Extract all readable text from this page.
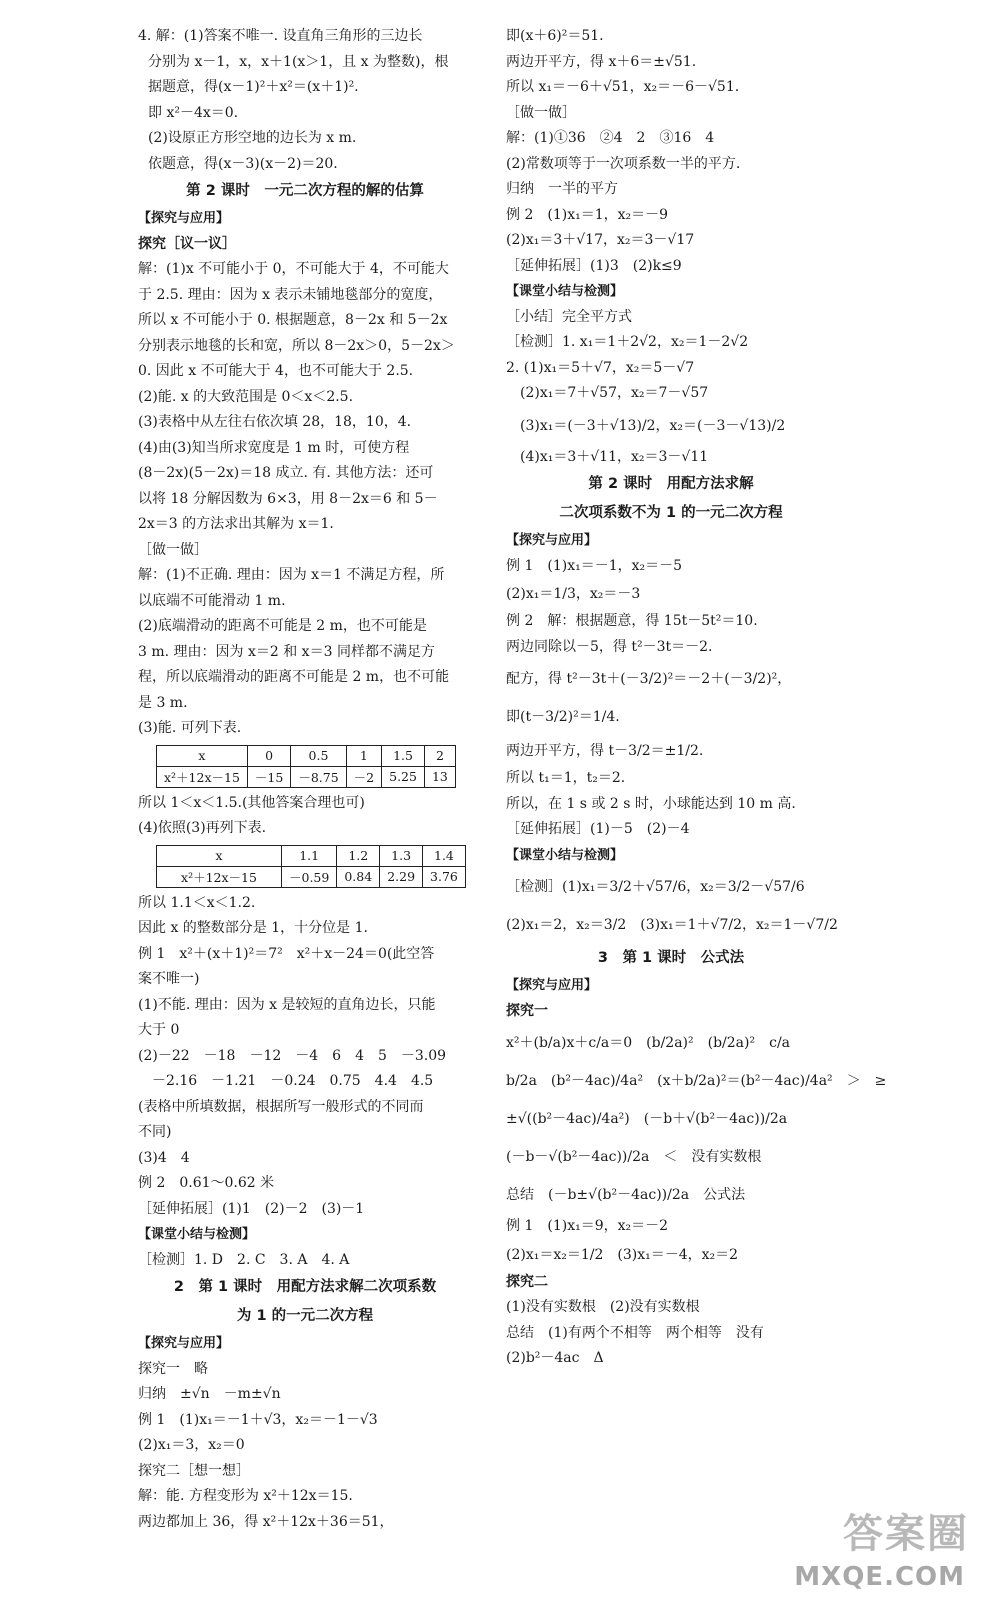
4. 解：(1)答案不唯一. 设直角三角形的三边长
分别为 x－1，x，x＋1(x＞1，且 x 为整数)，根
据题意，得(x－1)²＋x²＝(x＋1)².
即 x²－4x＝0.
(2)设原正方形空地的边长为 x m.
依题意，得(x－3)(x－2)＝20.
第 2 课时　一元二次方程的解的估算
【探究与应用】
探究［议一议］
解：(1)x 不可能小于 0，不可能大于 4，不可能大
于 2.5. 理由：因为 x 表示未铺地毯部分的宽度，
所以 x 不可能小于 0. 根据题意，8－2x 和 5－2x
分别表示地毯的长和宽，所以 8－2x＞0，5－2x＞
0. 因此 x 不可能大于 4，也不可能大于 2.5.
(2)能. x 的大致范围是 0＜x＜2.5.
(3)表格中从左往右依次填 28，18，10，4.
(4)由(3)知当所求宽度是 1 m 时，可使方程
(8－2x)(5－2x)＝18 成立. 有. 其他方法：还可
以将 18 分解因数为 6×3，用 8－2x＝6 和 5－
2x＝3 的方法求出其解为 x＝1.
［做一做］
解：(1)不正确. 理由：因为 x＝1 不满足方程，所
以底端不可能滑动 1 m.
(2)底端滑动的距离不可能是 2 m，也不可能是
3 m. 理由：因为 x＝2 和 x＝3 同样都不满足方
程，所以底端滑动的距离不可能是 2 m，也不可能
是 3 m.
(3)能. 可列下表.
x	0	0.5	1	1.5	2
x²＋12x－15	－15	－8.75	－2	5.25	13
所以 1＜x＜1.5.(其他答案合理也可)
(4)依照(3)再列下表.
x	1.1	1.2	1.3	1.4
x²＋12x－15	－0.59	0.84	2.29	3.76
所以 1.1＜x＜1.2.
因此 x 的整数部分是 1，十分位是 1.
例 1　x²＋(x＋1)²＝7²　x²＋x－24＝0(此空答
案不唯一)
(1)不能. 理由：因为 x 是较短的直角边长，只能
大于 0
(2)－22　－18　－12　－4　6　4　5　－3.09
　－2.16　－1.21　－0.24　0.75　4.4　4.5
(表格中所填数据，根据所写一般形式的不同而
不同)
(3)4　4
例 2　0.61～0.62 米
［延伸拓展］(1)1　(2)－2　(3)－1
【课堂小结与检测】
［检测］1. D　2. C　3. A　4. A
2　第 1 课时　用配方法求解二次项系数
为 1 的一元二次方程
【探究与应用】
探究一　略
归纳　±√n　－m±√n
例 1　(1)x₁＝－1＋√3，x₂＝－1－√3
(2)x₁＝3，x₂＝0
探究二［想一想］
解：能. 方程变形为 x²＋12x＝15.
两边都加上 36，得 x²＋12x＋36＝51，
即(x＋6)²＝51.
两边开平方，得 x＋6＝±√51.
所以 x₁＝－6＋√51，x₂＝－6－√51.
［做一做］
解：(1)①36　②4　2　③16　4
(2)常数项等于一次项系数一半的平方.
归纳　一半的平方
例 2　(1)x₁＝1，x₂＝－9
(2)x₁＝3＋√17，x₂＝3－√17
［延伸拓展］(1)3　(2)k≤9
【课堂小结与检测】
［小结］完全平方式
［检测］1. x₁＝1＋2√2，x₂＝1－2√2
2. (1)x₁＝5＋√7，x₂＝5－√7
　(2)x₁＝7＋√57，x₂＝7－√57
　(3)x₁＝(－3＋√13)/2，x₂＝(－3－√13)/2
　(4)x₁＝3＋√11，x₂＝3－√11
第 2 课时　用配方法求解
二次项系数不为 1 的一元二次方程
【探究与应用】
例 1　(1)x₁＝－1，x₂＝－5
(2)x₁＝1/3，x₂＝－3
例 2　解：根据题意，得 15t－5t²＝10.
两边同除以－5，得 t²－3t＝－2.
配方，得 t²－3t＋(－3/2)²＝－2＋(－3/2)²，
即(t－3/2)²＝1/4.
两边开平方，得 t－3/2＝±1/2.
所以 t₁＝1，t₂＝2.
所以，在 1 s 或 2 s 时，小球能达到 10 m 高.
［延伸拓展］(1)－5　(2)－4
【课堂小结与检测】
［检测］(1)x₁＝3/2＋√57/6，x₂＝3/2－√57/6
(2)x₁＝2，x₂＝3/2　(3)x₁＝1＋√7/2，x₂＝1－√7/2
3　第 1 课时　公式法
【探究与应用】
探究一
x²＋(b/a)x＋c/a＝0　(b/2a)²　(b/2a)²　c/a
b/2a　(b²－4ac)/4a²　(x＋b/2a)²＝(b²－4ac)/4a²　＞　≥
±√((b²－4ac)/4a²)　(－b＋√(b²－4ac))/2a
(－b－√(b²－4ac))/2a　＜　没有实数根
总结　(－b±√(b²－4ac))/2a　公式法
例 1　(1)x₁＝9，x₂＝－2
(2)x₁＝x₂＝1/2　(3)x₁＝－4，x₂＝2
探究二
(1)没有实数根　(2)没有实数根
总结　(1)有两个不相等　两个相等　没有
(2)b²－4ac　Δ
答案圈
MXQE.COM
